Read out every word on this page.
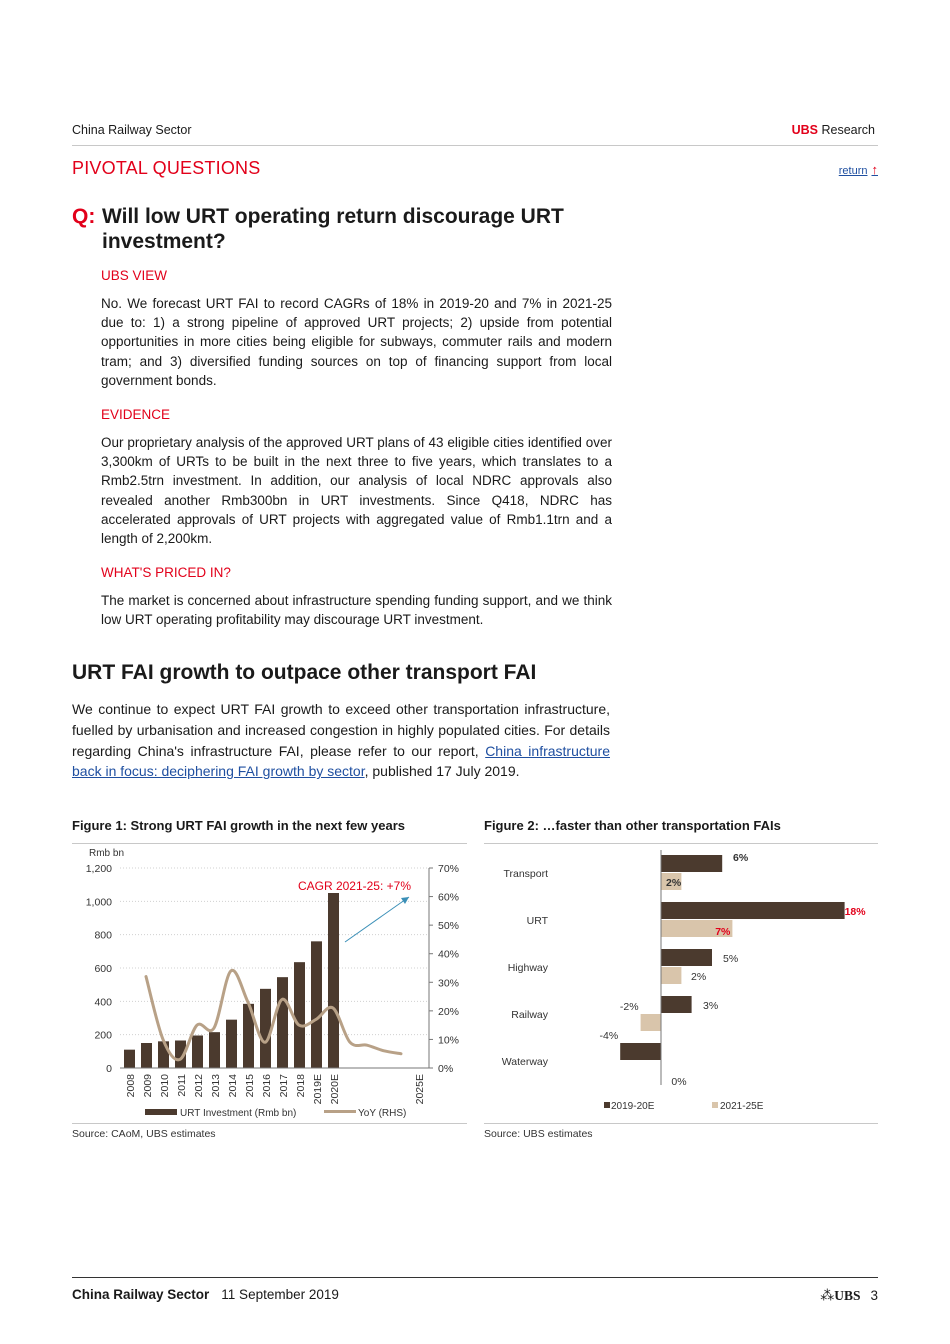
China Railway Sector	UBS Research
PIVOTAL QUESTIONS	return ↑
Q: Will low URT operating return discourage URT investment?
UBS VIEW
No. We forecast URT FAI to record CAGRs of 18% in 2019-20 and 7% in 2021-25 due to: 1) a strong pipeline of approved URT projects; 2) upside from potential opportunities in more cities being eligible for subways, commuter rails and modern tram; and 3) diversified funding sources on top of financing support from local government bonds.
EVIDENCE
Our proprietary analysis of the approved URT plans of 43 eligible cities identified over 3,300km of URTs to be built in the next three to five years, which translates to a Rmb2.5trn investment. In addition, our analysis of local NDRC approvals also revealed another Rmb300bn in URT investments. Since Q418, NDRC has accelerated approvals of URT projects with aggregated value of Rmb1.1trn and a length of 2,200km.
WHAT'S PRICED IN?
The market is concerned about infrastructure spending funding support, and we think low URT operating profitability may discourage URT investment.
URT FAI growth to outpace other transport FAI
We continue to expect URT FAI growth to exceed other transportation infrastructure, fuelled by urbanisation and increased congestion in highly populated cities. For details regarding China's infrastructure FAI, please refer to our report, China infrastructure back in focus: deciphering FAI growth by sector, published 17 July 2019.
Figure 1: Strong URT FAI growth in the next few years	Figure 2: …faster than other transportation FAIs
0
200
400
600
800
1,000
1,200
0%
10%
20%
30%
40%
50%
60%
70%
2008 2009 2010 2011 2012 2013 2014 2015 2016 2017 2018 2019E 2020E	2025E
CAGR 2021-25: +7%
Rmb bn
URT Investment (Rmb bn)	YoY (RHS)
Transport
6%
2%
URT
18%
7%
Highway
5%
2%
Railway
3%
-2%
Waterway
-4%
0%
2019-20E	2021-25E
Source: CAoM, UBS estimates	Source: UBS estimates
China Railway Sector 11 September 2019	⁂UBS 3
